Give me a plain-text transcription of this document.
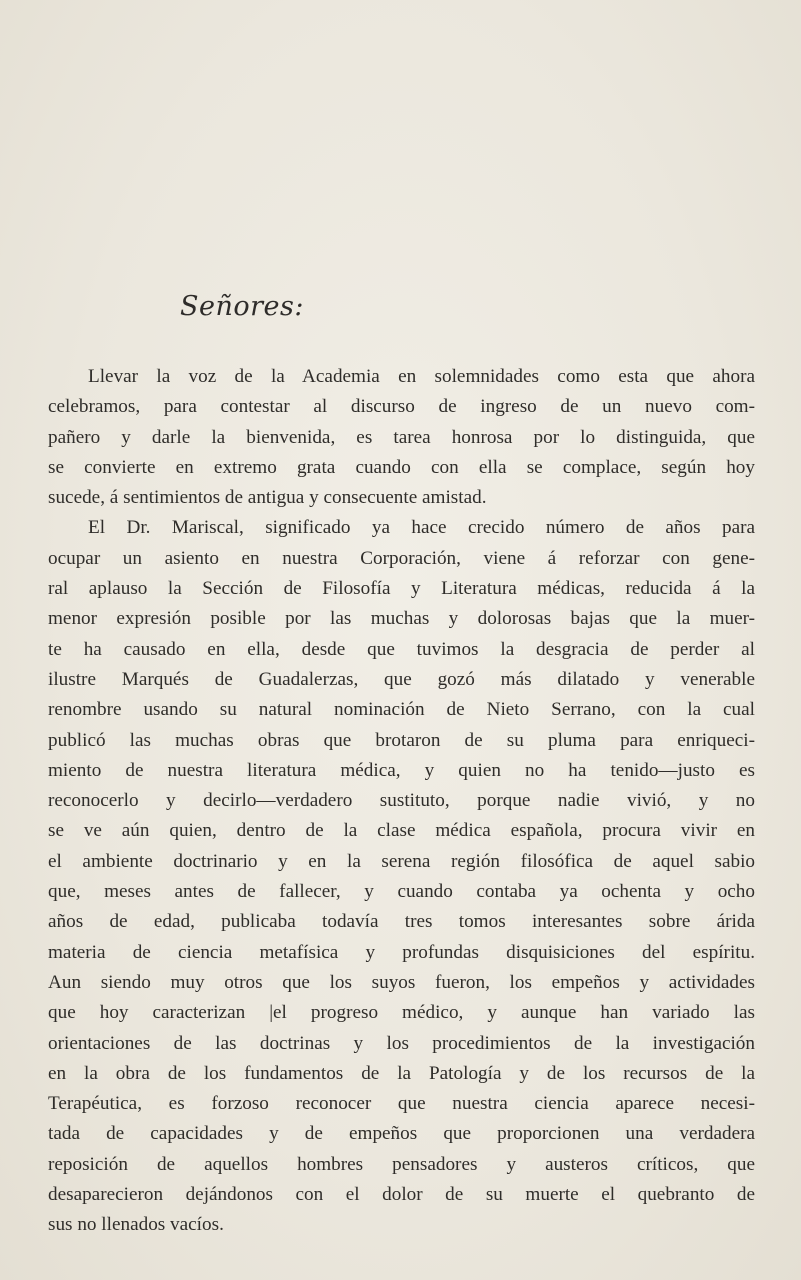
Señores:
Llevar la voz de la Academia en solemnidades como esta que ahora
celebramos, para contestar al discurso de ingreso de un nuevo com-
pañero y darle la bienvenida, es tarea honrosa por lo distinguida, que
se convierte en extremo grata cuando con ella se complace, según hoy
sucede, á sentimientos de antigua y consecuente amistad.
El Dr. Mariscal, significado ya hace crecido número de años para
ocupar un asiento en nuestra Corporación, viene á reforzar con gene-
ral aplauso la Sección de Filosofía y Literatura médicas, reducida á la
menor expresión posible por las muchas y dolorosas bajas que la muer-
te ha causado en ella, desde que tuvimos la desgracia de perder al
ilustre Marqués de Guadalerzas, que gozó más dilatado y venerable
renombre usando su natural nominación de Nieto Serrano, con la cual
publicó las muchas obras que brotaron de su pluma para enriqueci-
miento de nuestra literatura médica, y quien no ha tenido—justo es
reconocerlo y decirlo—verdadero sustituto, porque nadie vivió, y no
se ve aún quien, dentro de la clase médica española, procura vivir en
el ambiente doctrinario y en la serena región filosófica de aquel sabio
que, meses antes de fallecer, y cuando contaba ya ochenta y ocho
años de edad, publicaba todavía tres tomos interesantes sobre árida
materia de ciencia metafísica y profundas disquisiciones del espíritu.
Aun siendo muy otros que los suyos fueron, los empeños y actividades
que hoy caracterizan |el progreso médico, y aunque han variado las
orientaciones de las doctrinas y los procedimientos de la investigación
en la obra de los fundamentos de la Patología y de los recursos de la
Terapéutica, es forzoso reconocer que nuestra ciencia aparece necesi-
tada de capacidades y de empeños que proporcionen una verdadera
reposición de aquellos hombres pensadores y austeros críticos, que
desaparecieron dejándonos con el dolor de su muerte el quebranto de
sus no llenados vacíos.
